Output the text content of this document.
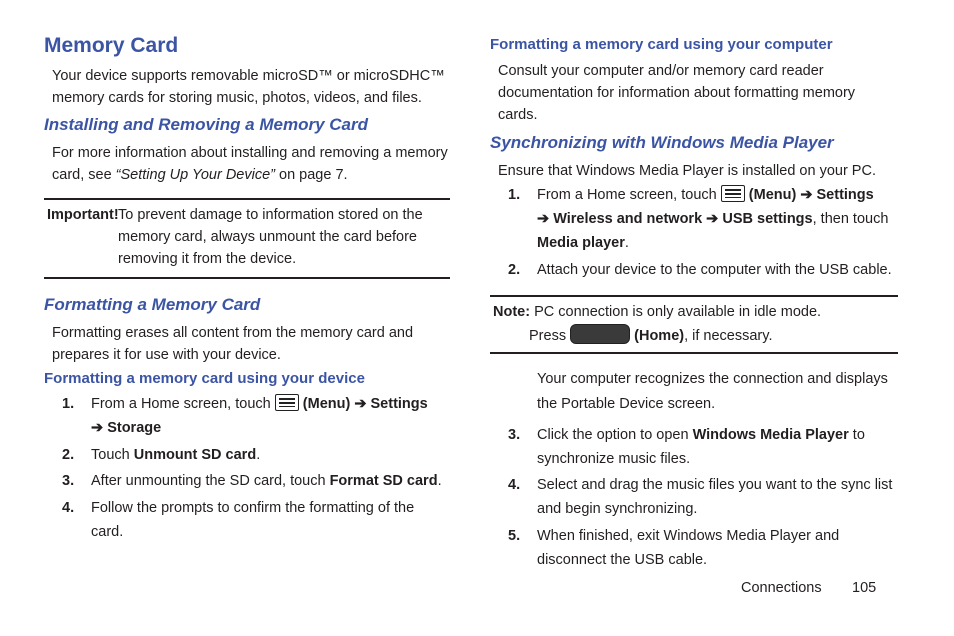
Memory Card
Your device supports removable microSD™ or microSDHC™ memory cards for storing music, photos, videos, and files.
Installing and Removing a Memory Card
For more information about installing and removing a memory card, see “Setting Up Your Device” on page 7.
Important! To prevent damage to information stored on the memory card, always unmount the card before removing it from the device.
Formatting a Memory Card
Formatting erases all content from the memory card and prepares it for use with your device.
Formatting a memory card using your device
1. From a Home screen, touch  (Menu) ➔ Settings
➔ Storage
2. Touch Unmount SD card.
3. After unmounting the SD card, touch Format SD card.
4. Follow the prompts to confirm the formatting of the card.
Formatting a memory card using your computer
Consult your computer and/or memory card reader documentation for information about formatting memory cards.
Synchronizing with Windows Media Player
Ensure that Windows Media Player is installed on your PC.
1. From a Home screen, touch  (Menu) ➔ Settings
➔ Wireless and network ➔ USB settings, then touch
Media player.
2. Attach your device to the computer with the USB cable.
Note: PC connection is only available in idle mode.
Press	(Home), if necessary.
Your computer recognizes the connection and displays the Portable Device screen.
3. Click the option to open Windows Media Player to synchronize music files.
4. Select and drag the music files you want to the sync list and begin synchronizing.
5. When finished, exit Windows Media Player and disconnect the USB cable.
Connections 105
